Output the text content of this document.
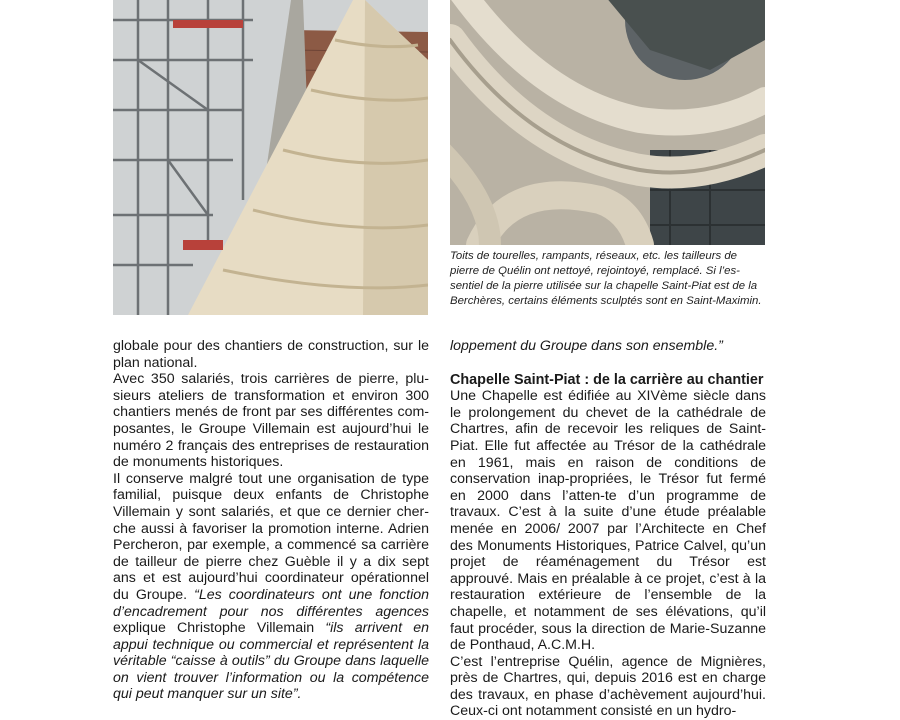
Toits de tourelles, rampants, réseaux, etc. les tailleurs de pierre de Quélin ont nettoyé, rejointoyé, remplacé. Si l’es-sentiel de la pierre utilisée sur la chapelle Saint-Piat est de la Berchères, certains éléments sculptés sont en Saint-Maximin.

globale pour des chantiers de construction, sur le plan national.

Avec 350 salariés, trois carrières de pierre, plu-sieurs ateliers de transformation et environ 300 chantiers menés de front par ses différentes com-posantes, le Groupe Villemain est aujourd’hui le numéro 2 français des entreprises de restauration de monuments historiques.

Il conserve malgré tout une organisation de type familial, puisque deux enfants de Christophe Villemain y sont salariés, et que ce dernier cher-che aussi à favoriser la promotion interne. Adrien Percheron, par exemple, a commencé sa carrière de tailleur de pierre chez Guèble il y a dix sept ans et est aujourd’hui coordinateur opérationnel du Groupe. “Les coordinateurs ont une fonction d’encadrement pour nos différentes agences explique Christophe Villemain “ils arrivent en appui technique ou commercial et représentent la véritable “caisse à outils” du Groupe dans laquelle on vient trouver l’information ou la compétence qui peut manquer sur un site”.

loppement du Groupe dans son ensemble.”

Chapelle Saint-Piat : de la carrière au chantier

Une Chapelle est édifiée au XIVème siècle dans le prolongement du chevet de la cathédrale de Chartres, afin de recevoir les reliques de Saint-Piat. Elle fut affectée au Trésor de la cathédrale en 1961, mais en raison de conditions de conservation inap-propriées, le Trésor fut fermé en 2000 dans l’atten-te d’un programme de travaux. C’est à la suite d’une étude préalable menée en 2006/ 2007 par l’Architecte en Chef des Monuments Historiques, Patrice Calvel, qu’un projet de réaménagement du Trésor est approuvé. Mais en préalable à ce projet, c’est à la restauration extérieure de l’ensemble de la chapelle, et notamment de ses élévations, qu’il faut procéder, sous la direction de Marie-Suzanne de Ponthaud, A.C.M.H.

C’est l’entreprise Quélin, agence de Mignières, près de Chartres, qui, depuis 2016 est en charge des travaux, en phase d’achèvement aujourd’hui. Ceux-ci ont notamment consisté en un hydro-
